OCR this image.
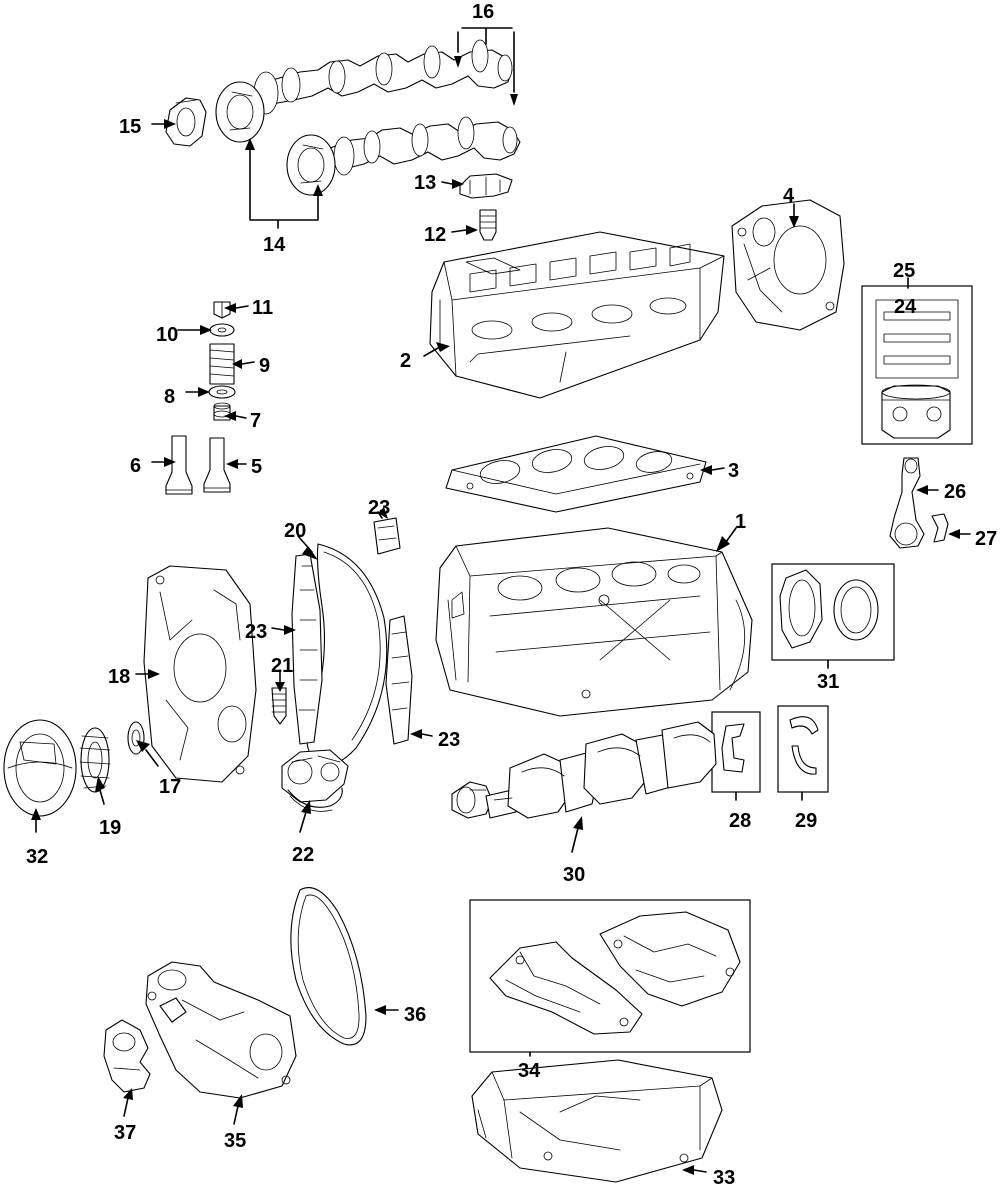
16
15
14
13
12
4
25
24
2
11
10
9
8
7
6	5	3
26
27
23
20	1
23
21
18	31
23
17
19	28 29
32	22
30
36
34
37	35
33
